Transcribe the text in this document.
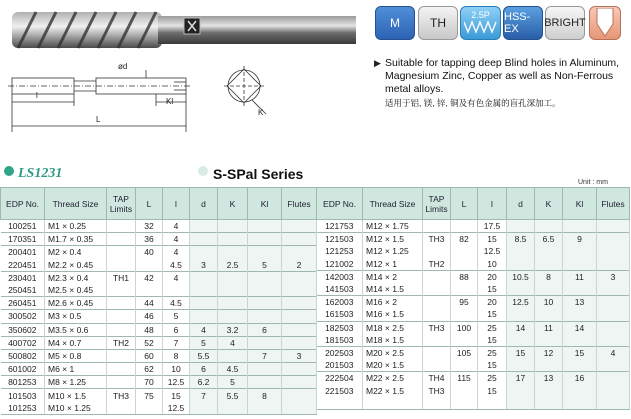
ød
l
L
Kl
K
M	TH
2.5P HSS-EX	BRIGHT
▶ Suitable for tapping deep Blind holes in Aluminum, Magnesium Zinc, Copper as well as Non-Ferrous metal alloys.
适用于铝, 镁, 锌, 铜及有色金属的盲孔深加工。
LS1231	S-SPal Series
Unit : mm
EDP No.	Thread Size	TAP Limits	L	l	d	K	Kl	Flutes
100251	M1 × 0.25		32	4				
170351	M1.7 × 0.35		36	4				
200401	M2 × 0.4		40	4				
220451	M2.2 × 0.45			4.5	3	2.5	5	2
230401	M2.3 × 0.4	TH1	42	4				
250451	M2.5 × 0.45							
260451	M2.6 × 0.45		44	4.5				
300502	M3 × 0.5		46	5				
350602	M3.5 × 0.6		48	6	4	3.2	6	
400702	M4 × 0.7	TH2	52	7	5	4		
500802	M5 × 0.8		60	8	5.5		7	3
601002	M6 × 1		62	10	6	4.5		
801253	M8 × 1.25		70	12.5	6.2	5		
101503	M10 × 1.5	TH3	75	15	7	5.5	8	
101253	M10 × 1.25			12.5				
EDP No.	Thread Size	TAP Limits	L	l	d	K	Kl	Flutes
121753	M12 × 1.75			17.5				
121503	M12 × 1.5	TH3	82	15	8.5	6.5	9	
121253	M12 × 1.25			12.5				
121002	M12 × 1	TH2		10				
142003	M14 × 2		88	20	10.5	8	11	3
141503	M14 × 1.5			15				
162003	M16 × 2		95	20	12.5	10	13	
161503	M16 × 1.5			15				
182503	M18 × 2.5	TH3	100	25	14	11	14	
181503	M18 × 1.5			15				
202503	M20 × 2.5		105	25	15	12	15	4
201503	M20 × 1.5			15				
222504	M22 × 2.5	TH4	115	25	17	13	16	
221503	M22 × 1.5	TH3		15				
